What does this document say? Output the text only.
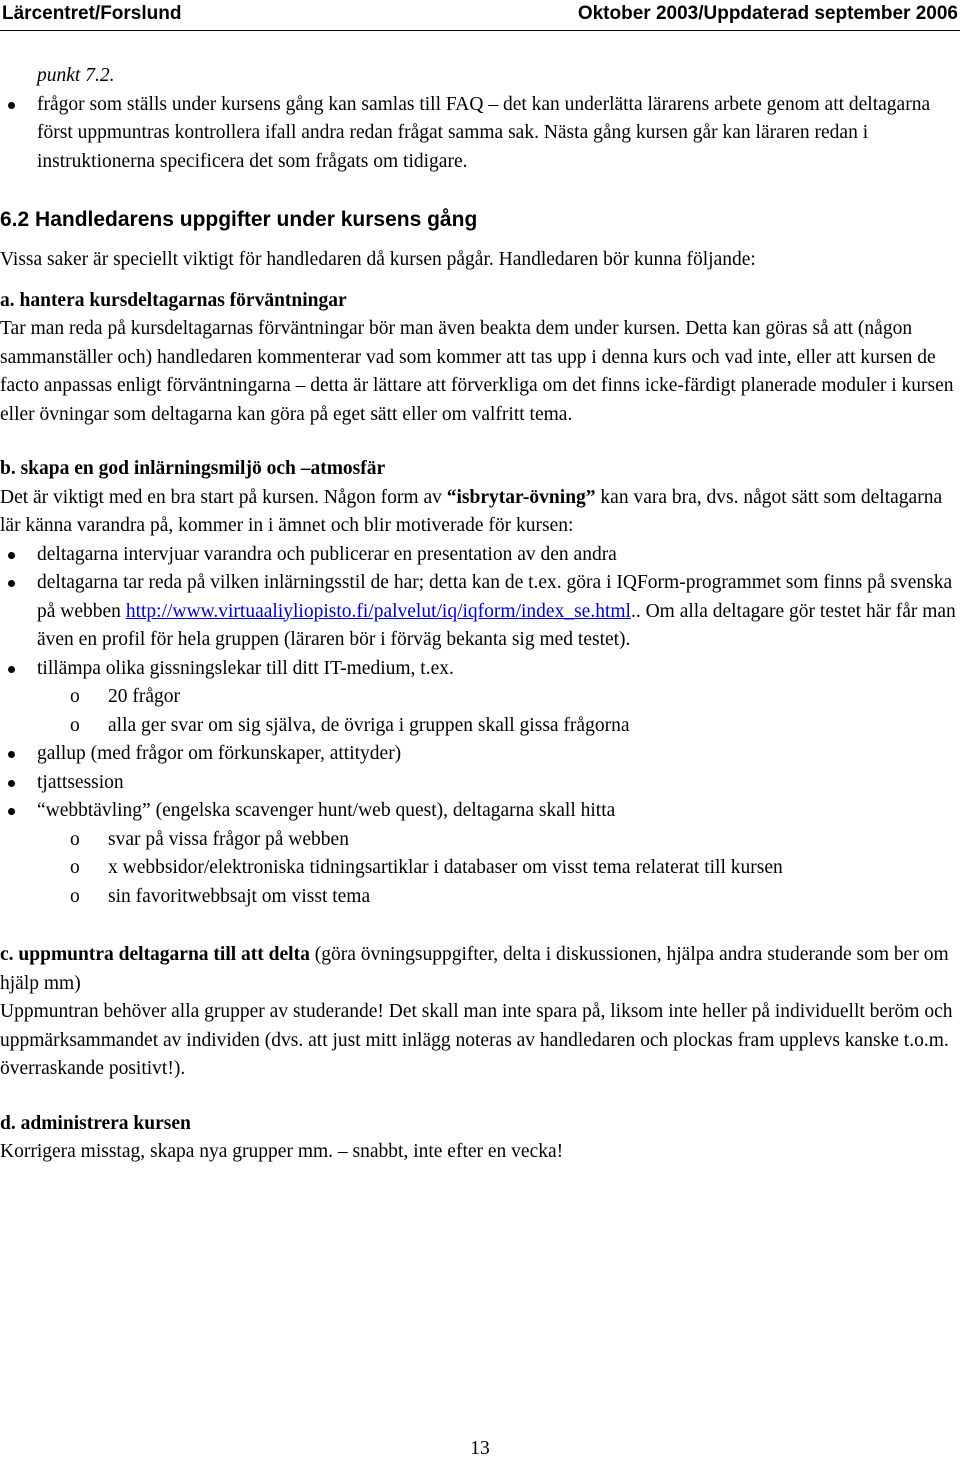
Lärcentret/Forslund	Oktober 2003/Uppdaterad september 2006

punkt 7.2.

frågor som ställs under kursens gång kan samlas till FAQ – det kan underlätta lärarens arbete genom att deltagarna först uppmuntras kontrollera ifall andra redan frågat samma sak. Nästa gång kursen går kan läraren redan i instruktionerna specificera det som frågats om tidigare.
6.2 Handledarens uppgifter under kursens gång

Vissa saker är speciellt viktigt för handledaren då kursen pågår. Handledaren bör kunna följande:

a. hantera kursdeltagarnas förväntningar

Tar man reda på kursdeltagarnas förväntningar bör man även beakta dem under kursen. Detta kan göras så att (någon sammanställer och) handledaren kommenterar vad som kommer att tas upp i denna kurs och vad inte, eller att kursen de facto anpassas enligt förväntningarna – detta är lättare att förverkliga om det finns icke-färdigt planerade moduler i kursen eller övningar som deltagarna kan göra på eget sätt eller om valfritt tema.

b. skapa en god inlärningsmiljö och –atmosfär

Det är viktigt med en bra start på kursen. Någon form av “isbrytar-övning” kan vara bra, dvs. något sätt som deltagarna lär känna varandra på, kommer in i ämnet och blir motiverade för kursen:

deltagarna intervjuar varandra och publicerar en presentation av den andra
deltagarna tar reda på vilken inlärningsstil de har; detta kan de t.ex. göra i IQForm-programmet som finns på svenska på webben http://www.virtuaaliyliopisto.fi/palvelut/iq/iqform/index_se.html.. Om alla deltagare gör testet här får man även en profil för hela gruppen (läraren bör i förväg bekanta sig med testet).
tillämpa olika gissningslekar till ditt IT-medium, t.ex.
o 20 frågor
o alla ger svar om sig själva, de övriga i gruppen skall gissa frågorna
gallup (med frågor om förkunskaper, attityder)
tjattsession
“webbtävling” (engelska scavenger hunt/web quest), deltagarna skall hitta
o svar på vissa frågor på webben
o x webbsidor/elektroniska tidningsartiklar i databaser om visst tema relaterat till kursen
o sin favoritwebbsajt om visst tema

c. uppmuntra deltagarna till att delta (göra övningsuppgifter, delta i diskussionen, hjälpa andra studerande som ber om hjälp mm)

Uppmuntran behöver alla grupper av studerande! Det skall man inte spara på, liksom inte heller på individuellt beröm och uppmärksammandet av individen (dvs. att just mitt inlägg noteras av handledaren och plockas fram upplevs kanske t.o.m. överraskande positivt!).

d. administrera kursen

Korrigera misstag, skapa nya grupper mm. – snabbt, inte efter en vecka!

13
